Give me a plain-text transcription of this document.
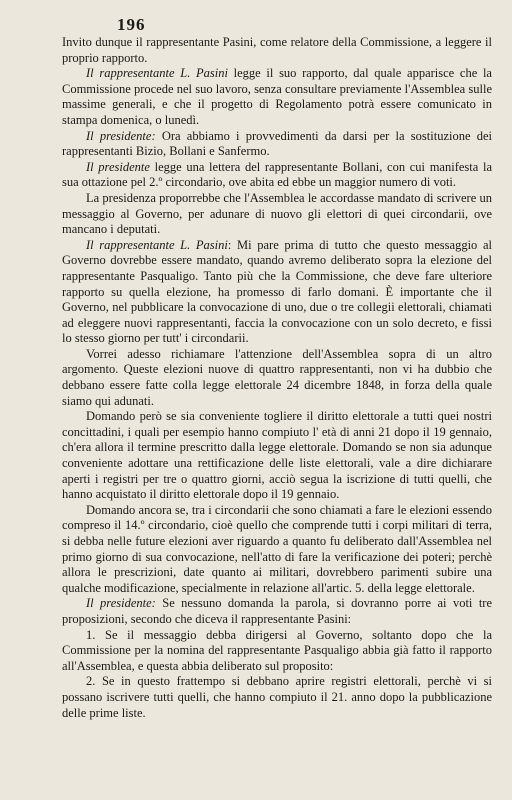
196

Invito dunque il rappresentante Pasini, come relatore della Commissione, a leggere il proprio rapporto.

Il rappresentante L. Pasini legge il suo rapporto, dal quale apparisce che la Commissione procede nel suo lavoro, senza consultare previamente l'Assemblea sulle massime generali, e che il progetto di Regolamento potrà essere comunicato in stampa domenica, o lunedì.

Il presidente: Ora abbiamo i provvedimenti da darsi per la sostituzione dei rappresentanti Bizio, Bollani e Sanfermo.

Il presidente legge una lettera del rappresentante Bollani, con cui manifesta la sua ottazione pel 2.º circondario, ove abita ed ebbe un maggior numero di voti.

La presidenza proporrebbe che l'Assemblea le accordasse mandato di scrivere un messaggio al Governo, per adunare di nuovo gli elettori di quei circondarii, ove mancano i deputati.

Il rappresentante L. Pasini: Mi pare prima di tutto che questo messaggio al Governo dovrebbe essere mandato, quando avremo deliberato sopra la elezione del rappresentante Pasqualigo. Tanto più che la Commissione, che deve fare ulteriore rapporto su quella elezione, ha promesso di farlo domani. È importante che il Governo, nel pubblicare la convocazione di uno, due o tre collegii elettorali, chiamati ad eleggere nuovi rappresentanti, faccia la convocazione con un solo decreto, e fissi lo stesso giorno per tutt' i circondarii.

Vorrei adesso richiamare l'attenzione dell'Assemblea sopra di un altro argomento. Queste elezioni nuove di quattro rappresentanti, non vi ha dubbio che debbano essere fatte colla legge elettorale 24 dicembre 1848, in forza della quale siamo qui adunati.

Domando però se sia conveniente togliere il diritto elettorale a tutti quei nostri concittadini, i quali per esempio hanno compiuto l' età di anni 21 dopo il 19 gennaio, ch'era allora il termine prescritto dalla legge elettorale. Domando se non sia adunque conveniente adottare una rettificazione delle liste elettorali, vale a dire dichiarare aperti i registri per tre o quattro giorni, acciò segua la iscrizione di tutti quelli, che hanno acquistato il diritto elettorale dopo il 19 gennaio.

Domando ancora se, tra i circondarii che sono chiamati a fare le elezioni essendo compreso il 14.º circondario, cioè quello che comprende tutti i corpi militari di terra, si debba nelle future elezioni aver riguardo a quanto fu deliberato dall'Assemblea nel primo giorno di sua convocazione, nell'atto di fare la verificazione dei poteri; perchè allora le prescrizioni, date quanto ai militari, dovrebbero parimenti subire una qualche modificazione, specialmente in relazione all'artic. 5. della legge elettorale.

Il presidente: Se nessuno domanda la parola, si dovranno porre ai voti tre proposizioni, secondo che diceva il rappresentante Pasini:

1. Se il messaggio debba dirigersi al Governo, soltanto dopo che la Commissione per la nomina del rappresentante Pasqualigo abbia già fatto il rapporto all'Assemblea, e questa abbia deliberato sul proposito:

2. Se in questo frattempo si debbano aprire registri elettorali, perchè vi si possano iscrivere tutti quelli, che hanno compiuto il 21. anno dopo la pubblicazione delle prime liste.
